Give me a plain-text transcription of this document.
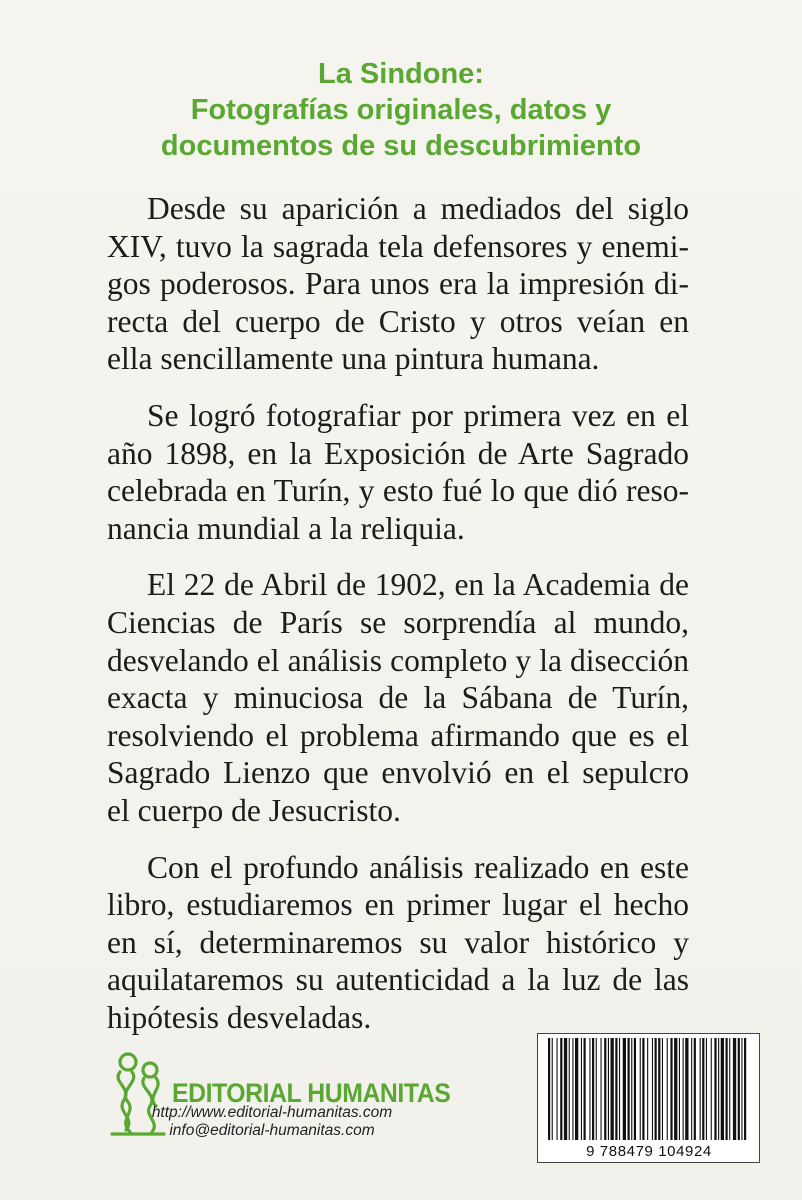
La Sindone:
Fotografías originales, datos y
documentos de su descubrimiento

Desde su aparición a mediados del siglo XIV, tuvo la sagrada tela defensores y enemigos poderosos. Para unos era la impresión directa del cuerpo de Cristo y otros veían en ella sencillamente una pintura humana.

Se logró fotografiar por primera vez en el año 1898, en la Exposición de Arte Sagrado celebrada en Turín, y esto fué lo que dió resonancia mundial a la reliquia.

El 22 de Abril de 1902, en la Academia de Ciencias de París se sorprendía al mundo, desvelando el análisis completo y la disección exacta y minuciosa de la Sábana de Turín, resolviendo el problema afirmando que es el Sagrado Lienzo que envolvió en el sepulcro el cuerpo de Jesucristo.

Con el profundo análisis realizado en este libro, estudiaremos en primer lugar el hecho en sí, determinaremos su valor histórico y aquilataremos su autenticidad a la luz de las hipótesis desveladas.

EDITORIAL HUMANITAS
http://www.editorial-humanitas.com
info@editorial-humanitas.com
9 788479 104924
